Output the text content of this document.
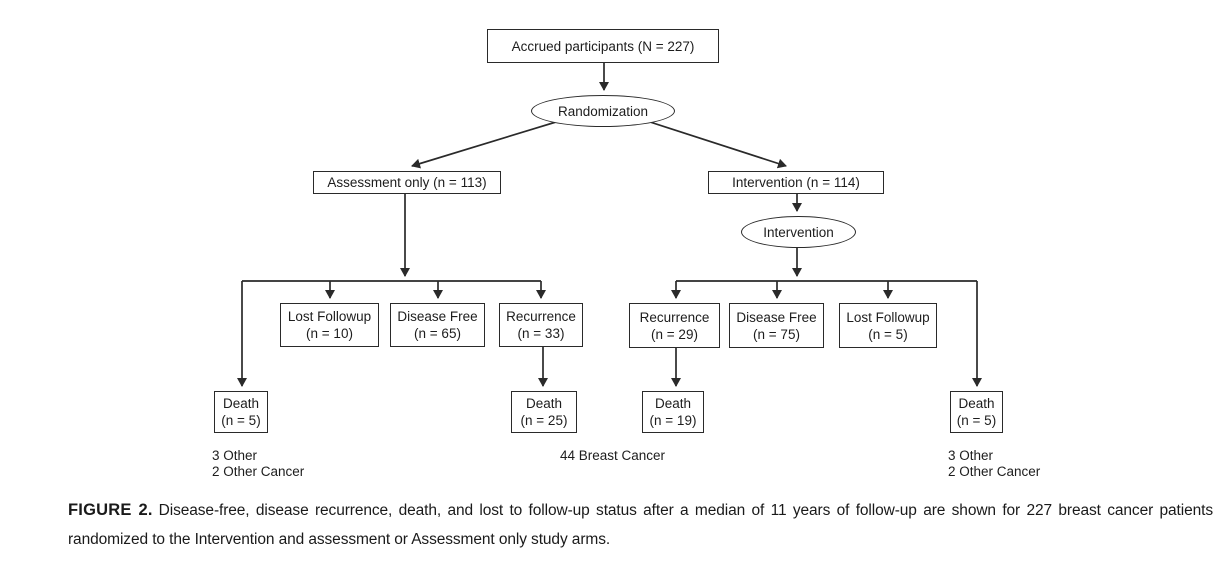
Accrued participants (N = 227)
Randomization
Assessment only (n = 113)	Intervention (n = 114)
Intervention
Lost Followup
(n = 10)
Disease Free
(n = 65)
Recurrence
(n = 33)
Recurrence
(n = 29)
Disease Free
(n = 75)
Lost Followup
(n = 5)
Death
(n = 5)
Death
(n = 25)
Death
(n = 19)
Death
(n = 5)
3 Other
2 Other Cancer
44 Breast Cancer	3 Other
2 Other Cancer

FIGURE 2. Disease-free, disease recurrence, death, and lost to follow-up status after a median of 11 years of follow-up are shown for 227 breast cancer patients randomized to the Intervention and assessment or Assessment only study arms.
